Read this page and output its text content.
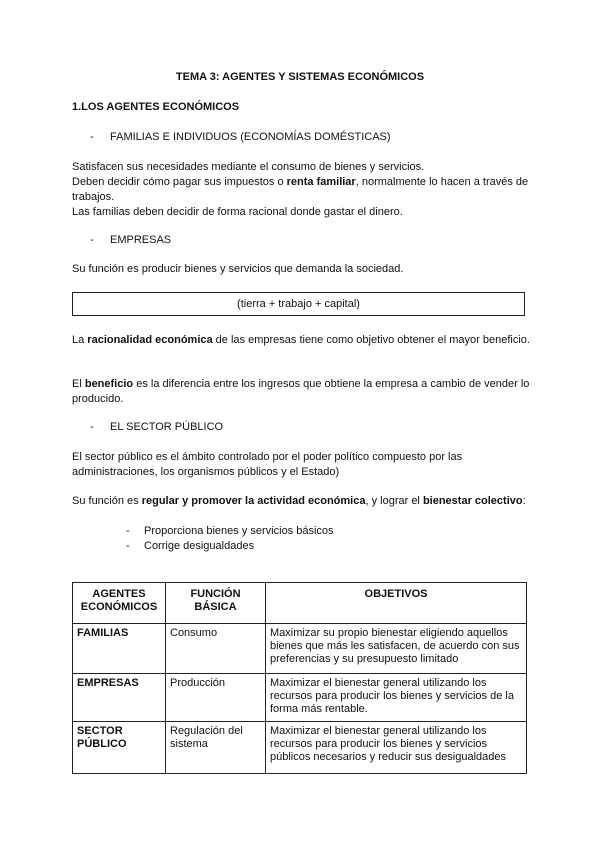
TEMA 3: AGENTES Y SISTEMAS ECONÓMICOS
1.LOS AGENTES ECONÓMICOS
- FAMILIAS E INDIVIDUOS (ECONOMÍAS DOMÉSTICAS)
Satisfacen sus necesidades mediante el consumo de bienes y servicios.
Deben decidir cómo pagar sus impuestos o renta familiar, normalmente lo hacen a través de trabajos.
Las familias deben decidir de forma racional donde gastar el dinero.
- EMPRESAS
Su función es producir bienes y servicios que demanda la sociedad.
(tierra + trabajo + capital)
La racionalidad económica de las empresas tiene como objetivo obtener el mayor beneficio.
El beneficio es la diferencia entre los ingresos que obtiene la empresa a cambio de vender lo producido.
- EL SECTOR PÚBLICO
El sector público es el ámbito controlado por el poder político compuesto por las administraciones, los organismos públicos y el Estado)
Su función es regular y promover la actividad económica, y lograr el bienestar colectivo:
- Proporciona bienes y servicios básicos
- Corrige desigualdades
AGENTES ECONÓMICOS	FUNCIÓN BÁSICA	OBJETIVOS
FAMILIAS	Consumo	Maximizar su propio bienestar eligiendo aquellos bienes que más les satisfacen, de acuerdo con sus preferencias y su presupuesto limitado
EMPRESAS	Producción	Maximizar el bienestar general utilizando los recursos para producir los bienes y servicios de la forma más rentable.
SECTOR PÚBLICO	Regulación del sistema	Maximizar el bienestar general utilizando los recursos para producir los bienes y servicios públicos necesarios y reducir sus desigualdades
